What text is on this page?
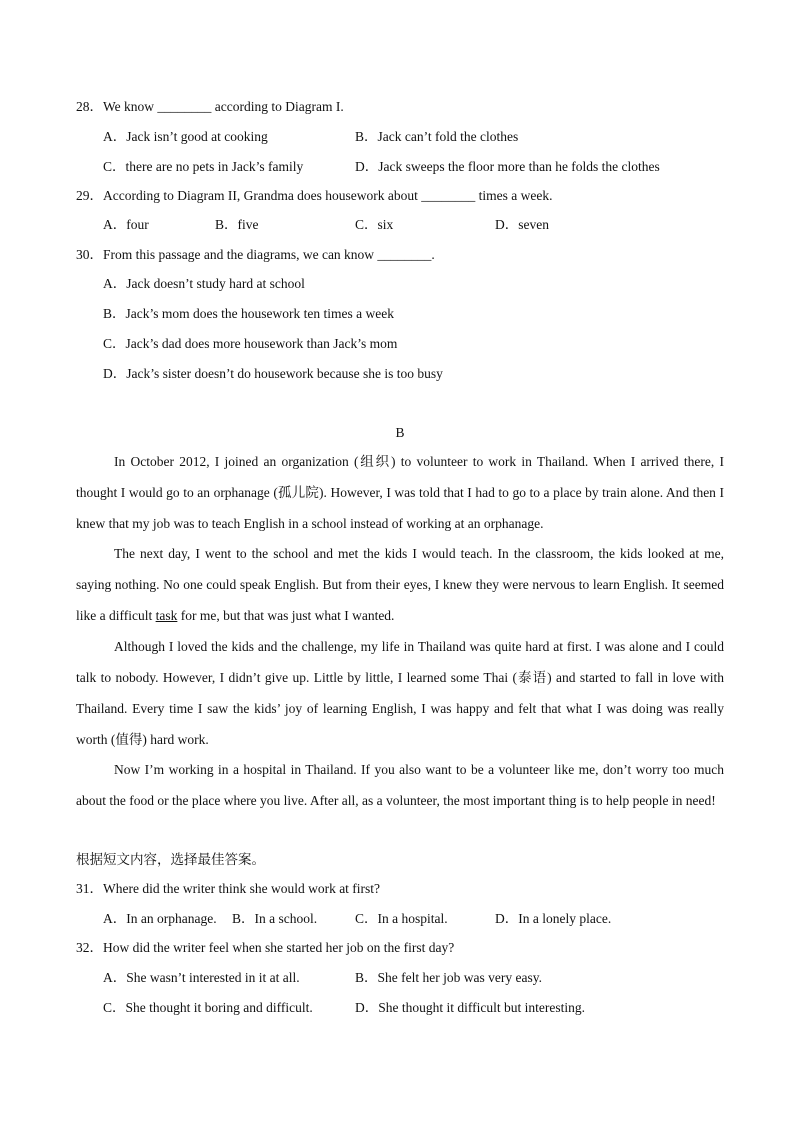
28．We know ________ according to Diagram I.
A．Jack isn’t good at cooking	B．Jack can’t fold the clothes
C．there are no pets in Jack’s family	D．Jack sweeps the floor more than he folds the clothes
29．According to Diagram II, Grandma does housework about ________ times a week.
A．four	B．five	C．six	D．seven
30．From this passage and the diagrams, we can know ________.
A．Jack doesn’t study hard at school
B．Jack’s mom does the housework ten times a week
C．Jack’s dad does more housework than Jack’s mom
D．Jack’s sister doesn’t do housework because she is too busy
B
In October 2012, I joined an organization (组织) to volunteer to work in Thailand. When I arrived there, I thought I would go to an orphanage (孤儿院). However, I was told that I had to go to a place by train alone. And then I knew that my job was to teach English in a school instead of working at an orphanage.
The next day, I went to the school and met the kids I would teach. In the classroom, the kids looked at me, saying nothing. No one could speak English. But from their eyes, I knew they were nervous to learn English. It seemed like a difficult task for me, but that was just what I wanted.
Although I loved the kids and the challenge, my life in Thailand was quite hard at first. I was alone and I could talk to nobody. However, I didn’t give up. Little by little, I learned some Thai (泰语) and started to fall in love with Thailand. Every time I saw the kids’ joy of learning English, I was happy and felt that what I was doing was really worth (值得) hard work.
Now I’m working in a hospital in Thailand. If you also want to be a volunteer like me, don’t worry too much about the food or the place where you live. After all, as a volunteer, the most important thing is to help people in need!
根据短文内容，选择最佳答案。
31．Where did the writer think she would work at first?
A．In an orphanage. B．In a school.	C．In a hospital.	D．In a lonely place.
32．How did the writer feel when she started her job on the first day?
A．She wasn’t interested in it at all.	B．She felt her job was very easy.
C．She thought it boring and difficult.	D．She thought it difficult but interesting.
